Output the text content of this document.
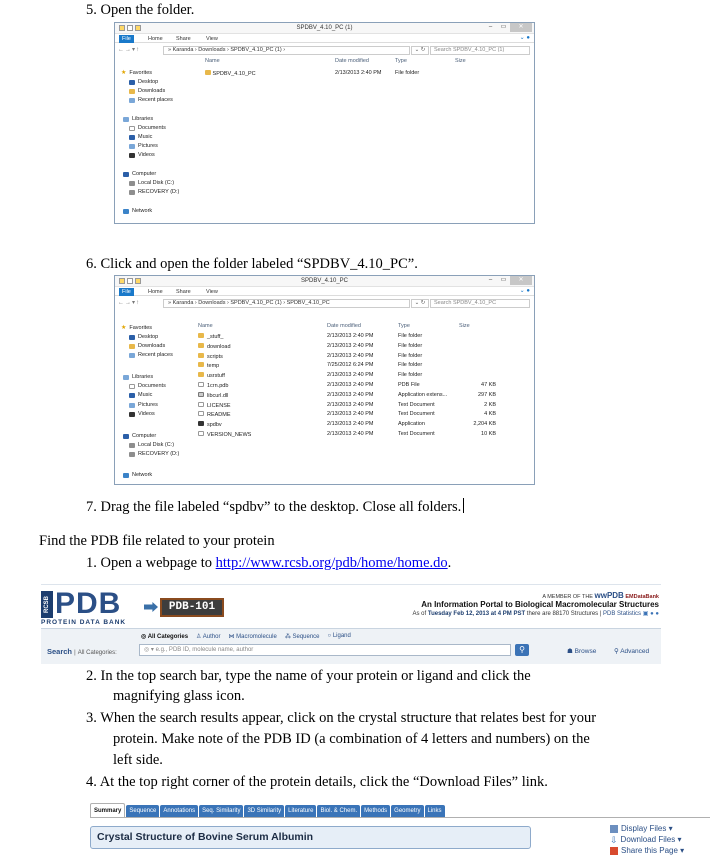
5. Open the folder.
SPDBV_4.10_PC (1)	–	▭	✕
File	Home	Share	View	⌄ ●
←→▾↑	» Karanda › Downloads › SPDBV_4.10_PC (1) ›	⌄ ↻	Search SPDBV_4.10_PC (1)
★ Favorites
Desktop
Downloads
Recent places
Libraries
Documents
Music
Pictures
Videos
Computer
Local Disk (C:)
RECOVERY (D:)
Network
Name	Date modified	Type	Size
SPDBV_4.10_PC	2/13/2013 2:40 PM File folder
6. Click and open the folder labeled “SPDBV_4.10_PC”.
SPDBV_4.10_PC	–	▭	✕
File	Home	Share	View	⌄ ●
←→▾↑	» Karanda › Downloads › SPDBV_4.10_PC (1) › SPDBV_4.10_PC	⌄ ↻	Search SPDBV_4.10_PC
★ Favorites
Desktop
Downloads
Recent places
Libraries
Documents
Music
Pictures
Videos
Computer
Local Disk (C:)
RECOVERY (D:)
Network
Name	Date modified	Type	Size
_stuff_	2/13/2013 2:40 PM	File folder
download	2/13/2013 2:40 PM	File folder
scripts	2/13/2013 2:40 PM	File folder
temp	7/25/2012 6:24 PM	File folder
usrstuff	2/13/2013 2:40 PM	File folder
1crn.pdb	2/13/2013 2:40 PM	PDB File	47 KB
libcurl.dll	2/13/2013 2:40 PM	Application extens...	297 KB
LICENSE	2/13/2013 2:40 PM	Text Document	2 KB
README	2/13/2013 2:40 PM	Text Document	4 KB
spdbv	2/13/2013 2:40 PM	Application	2,204 KB
VERSION_NEWS	2/13/2013 2:40 PM	Text Document	10 KB
7. Drag the file labeled “spdbv” to the desktop. Close all folders.
Find the PDB file related to your protein
1. Open a webpage to http://www.rcsb.org/pdb/home/home.do.
RCSB PDB
PROTEIN DATA BANK
PDB-101
A MEMBER OF THE wwPDB EMDataBank
An Information Portal to Biological Macromolecular Structures
As of Tuesday Feb 12, 2013 at 4 PM PST there are 88170 Structures | PDB Statistics ▣ ● ●
◎ All Categories ♙ Author ⋈ Macromolecule ⁂ Sequence ○ Ligand
Search | All Categories:	◎ ▾ e.g., PDB ID, molecule name, author	⚲	☗ Browse	⚲ Advanced
2. In the top search bar, type the name of your protein or ligand and click the
magnifying glass icon.
3. When the search results appear, click on the crystal structure that relates best for your
protein. Make note of the PDB ID (a combination of 4 letters and numbers) on the
left side.
4. At the top right corner of the protein details, click the “Download Files” link.
Summary	Sequence	Annotations	Seq. Similarity	3D Similarity	Literature	Biol. & Chem.	Methods	Geometry	Links
Crystal Structure of Bovine Serum Albumin
Display Files ▾
⇩ Download Files ▾
Share this Page ▾
